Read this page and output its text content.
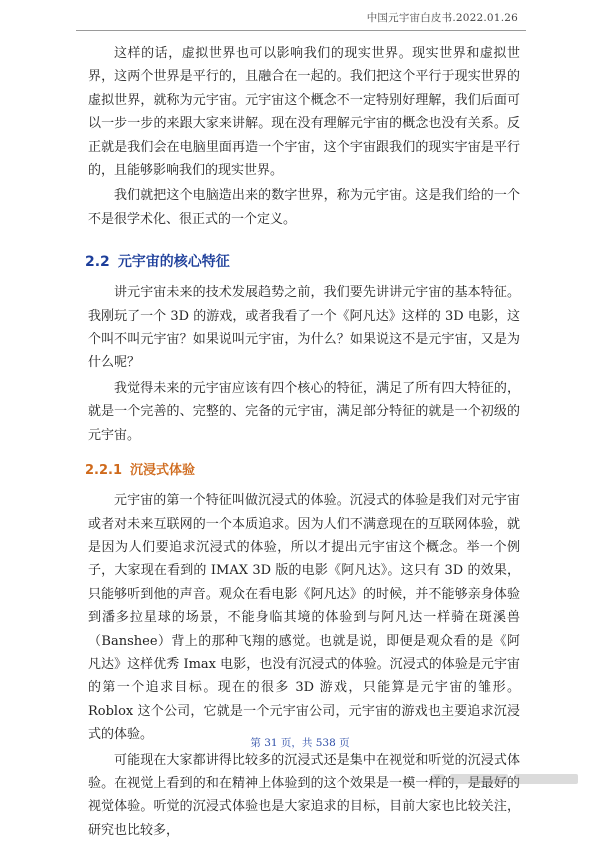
中国元宇宙白皮书.2022.01.26

这样的话，虚拟世界也可以影响我们的现实世界。现实世界和虚拟世界，这两个世界是平行的，且融合在一起的。我们把这个平行于现实世界的虚拟世界，就称为元宇宙。元宇宙这个概念不一定特别好理解，我们后面可以一步一步的来跟大家来讲解。现在没有理解元宇宙的概念也没有关系。反正就是我们会在电脑里面再造一个宇宙，这个宇宙跟我们的现实宇宙是平行的，且能够影响我们的现实世界。

我们就把这个电脑造出来的数字世界，称为元宇宙。这是我们给的一个不是很学术化、很正式的一个定义。

2.2 元宇宙的核心特征

讲元宇宙未来的技术发展趋势之前，我们要先讲讲元宇宙的基本特征。我刚玩了一个 3D 的游戏，或者我看了一个《阿凡达》这样的 3D 电影，这个叫不叫元宇宙？如果说叫元宇宙，为什么？如果说这不是元宇宙，又是为什么呢？

我觉得未来的元宇宙应该有四个核心的特征，满足了所有四大特征的，就是一个完善的、完整的、完备的元宇宙，满足部分特征的就是一个初级的元宇宙。

2.2.1 沉浸式体验

元宇宙的第一个特征叫做沉浸式的体验。沉浸式的体验是我们对元宇宙或者对未来互联网的一个本质追求。因为人们不满意现在的互联网体验，就是因为人们要追求沉浸式的体验，所以才提出元宇宙这个概念。举一个例子，大家现在看到的 IMAX 3D 版的电影《阿凡达》。这只有 3D 的效果，只能够听到他的声音。观众在看电影《阿凡达》的时候，并不能够亲身体验到潘多拉星球的场景，不能身临其境的体验到与阿凡达一样骑在斑溪兽（Banshee）背上的那种飞翔的感觉。也就是说，即便是观众看的是《阿凡达》这样优秀 Imax 电影，也没有沉浸式的体验。沉浸式的体验是元宇宙的第一个追求目标。现在的很多 3D 游戏，只能算是元宇宙的雏形。Roblox 这个公司，它就是一个元宇宙公司，元宇宙的游戏也主要追求沉浸式的体验。

可能现在大家都讲得比较多的沉浸式还是集中在视觉和听觉的沉浸式体验。在视觉上看到的和在精神上体验到的这个效果是一模一样的，是最好的视觉体验。听觉的沉浸式体验也是大家追求的目标，目前大家也比较关注，研究也比较多，

第 31 页，共 538 页
